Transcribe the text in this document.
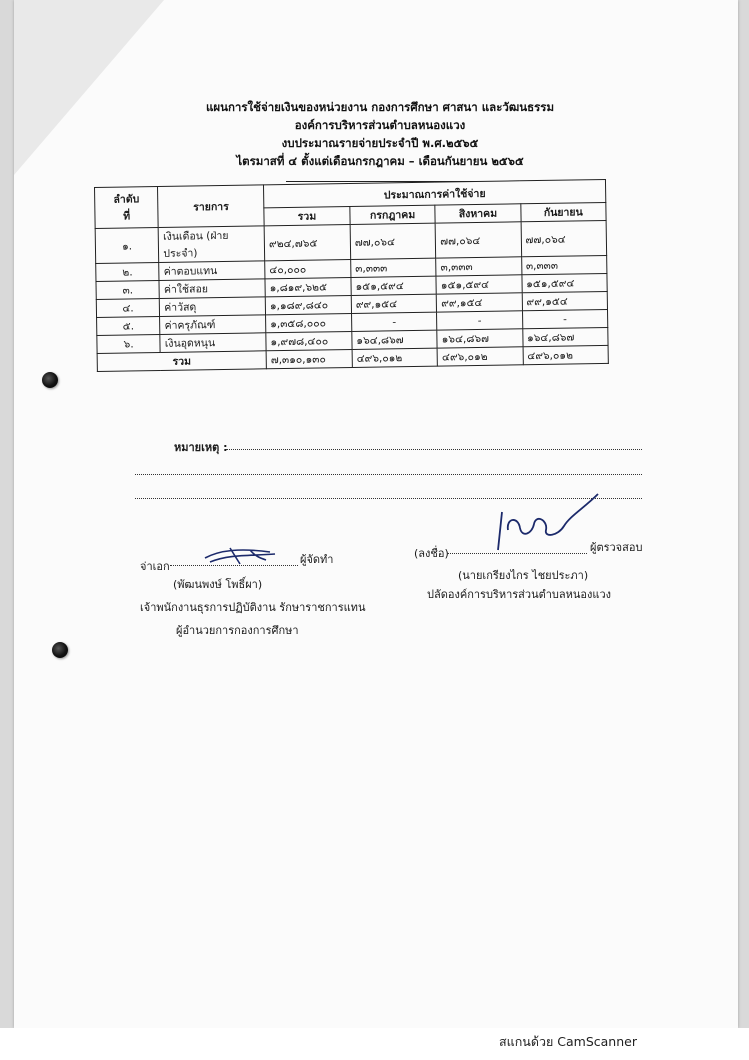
แผนการใช้จ่ายเงินของหน่วยงาน กองการศึกษา ศาสนา และวัฒนธรรม
องค์การบริหารส่วนตำบลหนองแวง
งบประมาณรายจ่ายประจำปี พ.ศ.๒๕๖๕
ไตรมาสที่ ๔ ตั้งแต่เดือนกรกฎาคม – เดือนกันยายน ๒๕๖๕
ลำดับ
ที่	รายการ	ประมาณการค่าใช้จ่าย			
		รวม	กรกฎาคม	สิงหาคม	กันยายน
๑.	เงินเดือน (ฝ่ายประจำ)	๙๒๔,๗๖๕	๗๗,๐๖๔	๗๗,๐๖๔	๗๗,๐๖๔
๒.	ค่าตอบแทน	๔๐,๐๐๐	๓,๓๓๓	๓,๓๓๓	๓,๓๓๓
๓.	ค่าใช้สอย	๑,๘๑๙,๖๒๕	๑๕๑,๕๙๔	๑๕๑,๕๙๔	๑๕๑,๕๙๔
๔.	ค่าวัสดุ	๑,๑๘๙,๘๔๐	๙๙,๑๕๔	๙๙,๑๕๔	๙๙,๑๕๔
๕.	ค่าครุภัณฑ์	๑,๓๕๘,๐๐๐	-	-	-
๖.	เงินอุดหนุน	๑,๙๗๘,๔๐๐	๑๖๔,๘๖๗	๑๖๔,๘๖๗	๑๖๔,๘๖๗
รวม		๗,๓๑๐,๑๓๐	๔๙๖,๐๑๒	๔๙๖,๐๑๒	๔๙๖,๐๑๒
หมายเหตุ :
จ่าเอก
ผู้จัดทำ
(พัฒนพงษ์ โพธิ์ผา)
เจ้าพนักงานธุรการปฏิบัติงาน รักษาราชการแทน
ผู้อำนวยการกองการศึกษา
(ลงชื่อ)	ผู้ตรวจสอบ
(นายเกรียงไกร ไชยประภา)
ปลัดองค์การบริหารส่วนตำบลหนองแวง
สแกนด้วย CamScanner
